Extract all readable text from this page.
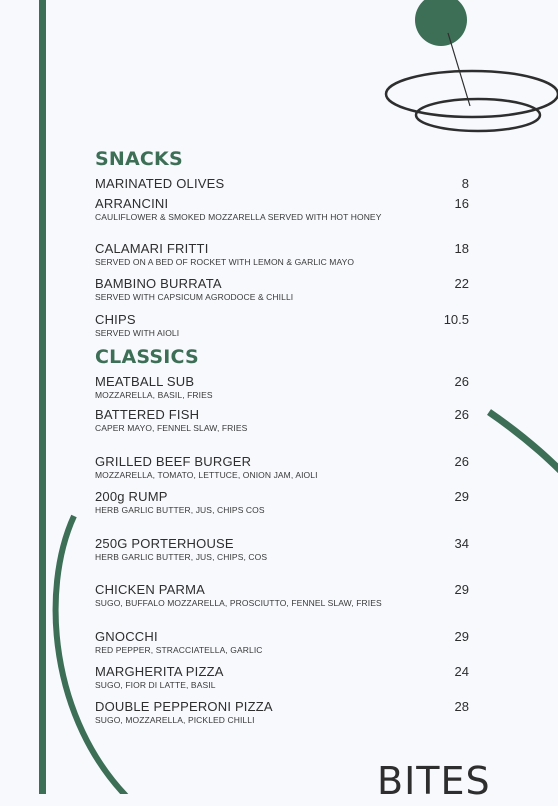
SNACKS
MARINATED OLIVES	8
ARRANCINI	16
CAULIFLOWER & SMOKED MOZZARELLA SERVED WITH HOT HONEY
CALAMARI FRITTI	18
SERVED ON A BED OF ROCKET WITH LEMON & GARLIC MAYO
BAMBINO BURRATA	22
SERVED WITH CAPSICUM AGRODOCE & CHILLI
CHIPS	10.5
SERVED WITH AIOLI
CLASSICS
MEATBALL SUB	26
MOZZARELLA, BASIL, FRIES
BATTERED FISH	26
CAPER MAYO, FENNEL SLAW, FRIES
GRILLED BEEF BURGER	26
MOZZARELLA, TOMATO, LETTUCE, ONION JAM, AIOLI
200g RUMP	29
HERB GARLIC BUTTER, JUS, CHIPS COS
250G PORTERHOUSE	34
HERB GARLIC BUTTER, JUS, CHIPS, COS
CHICKEN PARMA	29
SUGO, BUFFALO MOZZARELLA, PROSCIUTTO, FENNEL SLAW, FRIES
GNOCCHI	29
RED PEPPER, STRACCIATELLA, GARLIC
MARGHERITA PIZZA	24
SUGO, FIOR DI LATTE, BASIL
DOUBLE PEPPERONI PIZZA	28
SUGO, MOZZARELLA, PICKLED CHILLI
BITES
